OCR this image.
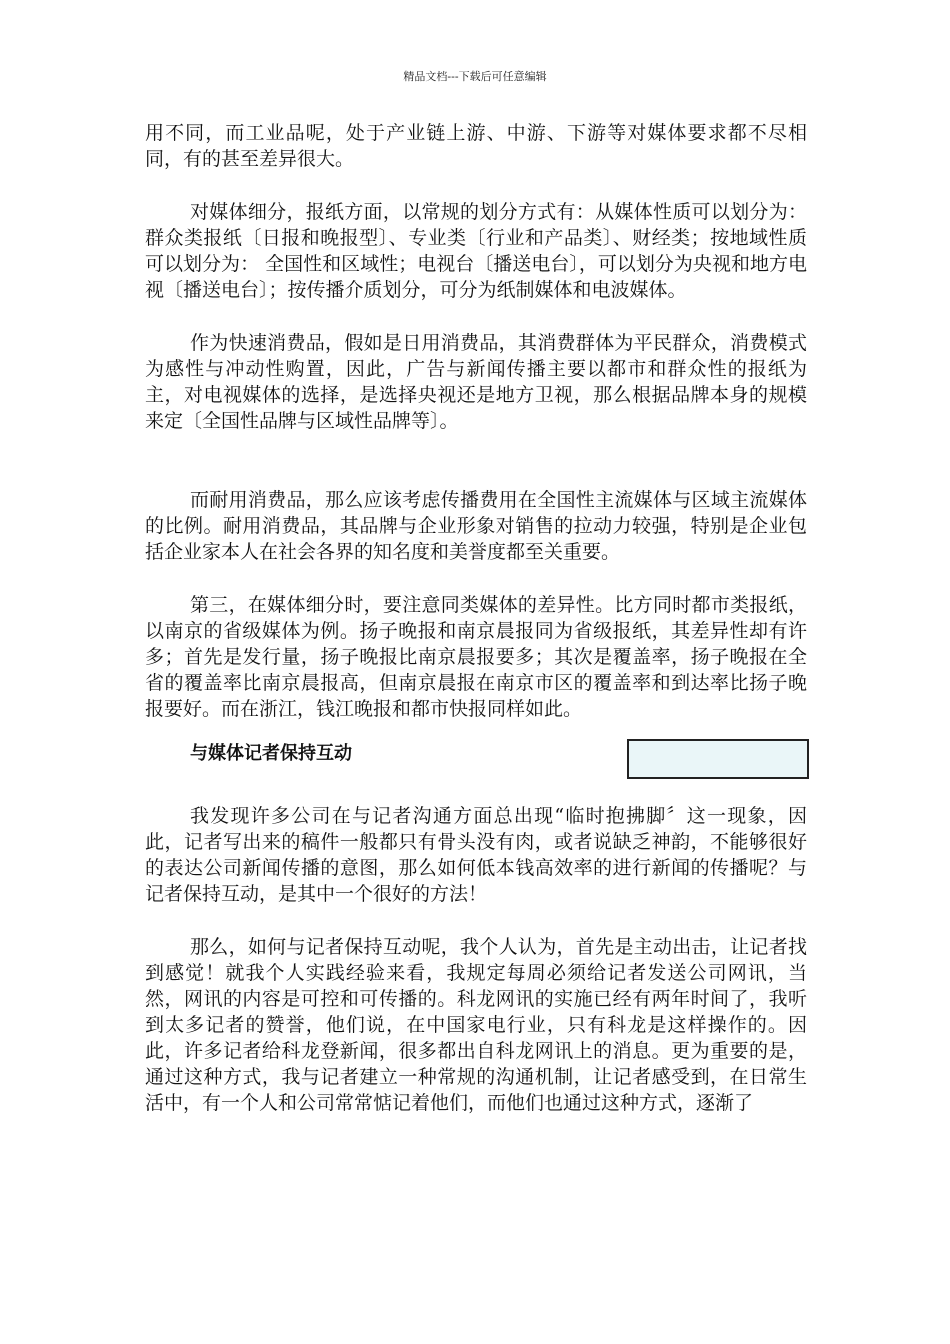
精品文档---下载后可任意编辑

用不同，而工业品呢，处于产业链上游、中游、下游等对媒体要求都不尽相同，有的甚至差异很大。

对媒体细分，报纸方面，以常规的划分方式有：从媒体性质可以划分为：群众类报纸〔日报和晚报型〕、专业类〔行业和产品类〕、财经类；按地域性质可以划分为： 全国性和区域性；电视台〔播送电台〕，可以划分为央视和地方电视〔播送电台〕；按传播介质划分，可分为纸制媒体和电波媒体。

作为快速消费品，假如是日用消费品，其消费群体为平民群众，消费模式为感性与冲动性购置，因此，广告与新闻传播主要以都市和群众性的报纸为主，对电视媒体的选择，是选择央视还是地方卫视，那么根据品牌本身的规模来定〔全国性品牌与区域性品牌等〕。

而耐用消费品，那么应该考虑传播费用在全国性主流媒体与区域主流媒体的比例。耐用消费品，其品牌与企业形象对销售的拉动力较强，特别是企业包括企业家本人在社会各界的知名度和美誉度都至关重要。

第三，在媒体细分时，要注意同类媒体的差异性。比方同时都市类报纸，以南京的省级媒体为例。扬子晚报和南京晨报同为省级报纸，其差异性却有许多；首先是发行量，扬子晚报比南京晨报要多；其次是覆盖率，扬子晚报在全省的覆盖率比南京晨报高，但南京晨报在南京市区的覆盖率和到达率比扬子晚报要好。而在浙江，钱江晚报和都市快报同样如此。

与媒体记者保持互动

我发现许多公司在与记者沟通方面总出现“临时抱拂脚〞这一现象，因此，记者写出来的稿件一般都只有骨头没有肉，或者说缺乏神韵，不能够很好的表达公司新闻传播的意图，那么如何低本钱高效率的进行新闻的传播呢？与记者保持互动，是其中一个很好的方法！

那么，如何与记者保持互动呢，我个人认为，首先是主动出击，让记者找到感觉！就我个人实践经验来看，我规定每周必须给记者发送公司网讯，当然，网讯的内容是可控和可传播的。科龙网讯的实施已经有两年时间了，我听到太多记者的赞誉，他们说，在中国家电行业，只有科龙是这样操作的。因此，许多记者给科龙登新闻，很多都出自科龙网讯上的消息。更为重要的是，通过这种方式，我与记者建立一种常规的沟通机制，让记者感受到，在日常生活中，有一个人和公司常常惦记着他们，而他们也通过这种方式，逐渐了
